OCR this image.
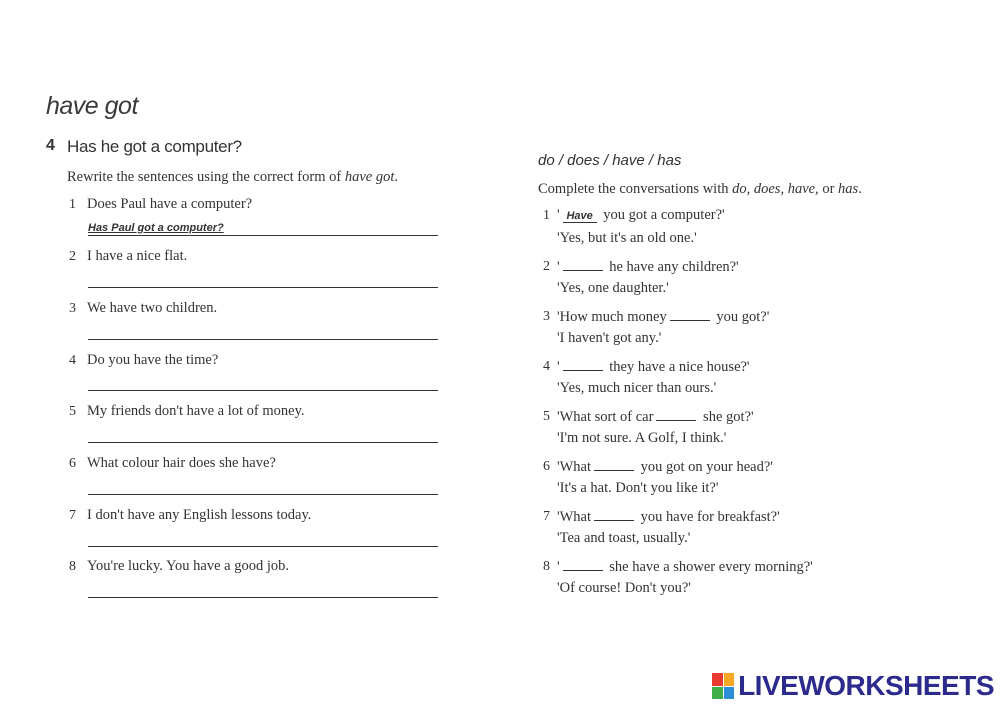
have got
4 Has he got a computer?
Rewrite the sentences using the correct form of have got.
1 Does Paul have a computer?
Has Paul got a computer?
2 I have a nice flat.
3 We have two children.
4 Do you have the time?
5 My friends don't have a lot of money.
6 What colour hair does she have?
7 I don't have any English lessons today.
8 You're lucky. You have a good job.
do / does / have / has
Complete the conversations with do, does, have, or has.
1 ' Have you got a computer?'
'Yes, but it's an old one.'
2 '	he have any children?'
'Yes, one daughter.'
3 'How much money	you got?'
'I haven't got any.'
4 '	they have a nice house?'
'Yes, much nicer than ours.'
5 'What sort of car	she got?'
'I'm not sure. A Golf, I think.'
6 'What	you got on your head?'
'It's a hat. Don't you like it?'
7 'What	you have for breakfast?'
'Tea and toast, usually.'
8 '	she have a shower every morning?'
'Of course! Don't you?'
LIVEWORKSHEETS
